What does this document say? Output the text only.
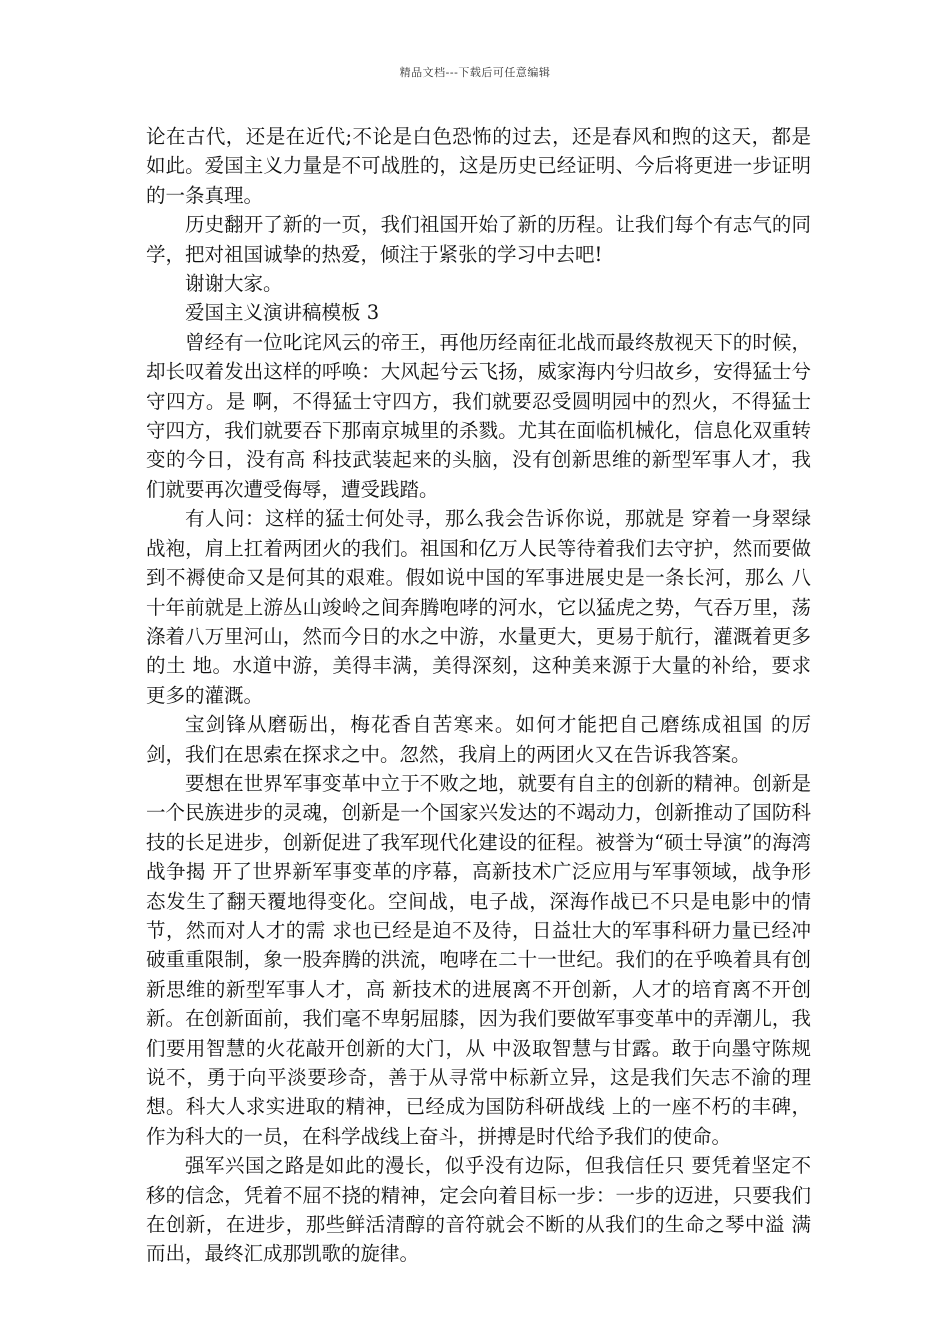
精品文档---下载后可任意编辑

论在古代，还是在近代;不论是白色恐怖的过去，还是春风和煦的这天，都是如此。爱国主义力量是不可战胜的，这是历史已经证明、今后将更进一步证明的一条真理。

历史翻开了新的一页，我们祖国开始了新的历程。让我们每个有志气的同学，把对祖国诚挚的热爱，倾注于紧张的学习中去吧!

谢谢大家。

爱国主义演讲稿模板 3

曾经有一位叱诧风云的帝王，再他历经南征北战而最终敖视天下的时候，却长叹着发出这样的呼唤：大风起兮云飞扬，威家海内兮归故乡，安得猛士兮守四方。是 啊，不得猛士守四方，我们就要忍受圆明园中的烈火，不得猛士守四方，我们就要吞下那南京城里的杀戮。尤其在面临机械化，信息化双重转变的今日，没有高 科技武装起来的头脑，没有创新思维的新型军事人才，我们就要再次遭受侮辱，遭受践踏。

有人问：这样的猛士何处寻，那么我会告诉你说，那就是 穿着一身翠绿战袍，肩上扛着两团火的我们。祖国和亿万人民等待着我们去守护，然而要做到不褥使命又是何其的艰难。假如说中国的军事进展史是一条长河，那么 八十年前就是上游丛山竣岭之间奔腾咆哮的河水，它以猛虎之势，气吞万里，荡涤着八万里河山，然而今日的水之中游，水量更大，更易于航行，灌溉着更多的土 地。水道中游，美得丰满，美得深刻，这种美来源于大量的补给，要求更多的灌溉。

宝剑锋从磨砺出，梅花香自苦寒来。如何才能把自己磨练成祖国 的厉剑，我们在思索在探求之中。忽然，我肩上的两团火又在告诉我答案。

要想在世界军事变革中立于不败之地，就要有自主的创新的精神。创新是 一个民族进步的灵魂，创新是一个国家兴发达的不竭动力，创新推动了国防科技的长足进步，创新促进了我军现代化建设的征程。被誉为“硕士导演”的海湾战争揭 开了世界新军事变革的序幕，高新技术广泛应用与军事领域，战争形态发生了翻天覆地得变化。空间战，电子战，深海作战已不只是电影中的情节，然而对人才的需 求也已经是迫不及待，日益壮大的军事科研力量已经冲破重重限制，象一股奔腾的洪流，咆哮在二十一世纪。我们的在乎唤着具有创新思维的新型军事人才，高 新技术的进展离不开创新，人才的培育离不开创新。在创新面前，我们毫不卑躬屈膝，因为我们要做军事变革中的弄潮儿，我们要用智慧的火花敲开创新的大门，从 中汲取智慧与甘露。敢于向墨守陈规说不，勇于向平淡要珍奇，善于从寻常中标新立异，这是我们矢志不渝的理想。科大人求实进取的精神，已经成为国防科研战线 上的一座不朽的丰碑，作为科大的一员，在科学战线上奋斗，拼搏是时代给予我们的使命。

强军兴国之路是如此的漫长，似乎没有边际，但我信任只 要凭着坚定不移的信念，凭着不屈不挠的精神，定会向着目标一步：一步的迈进，只要我们在创新，在进步，那些鲜活清醇的音符就会不断的从我们的生命之琴中溢 满而出，最终汇成那凯歌的旋律。
